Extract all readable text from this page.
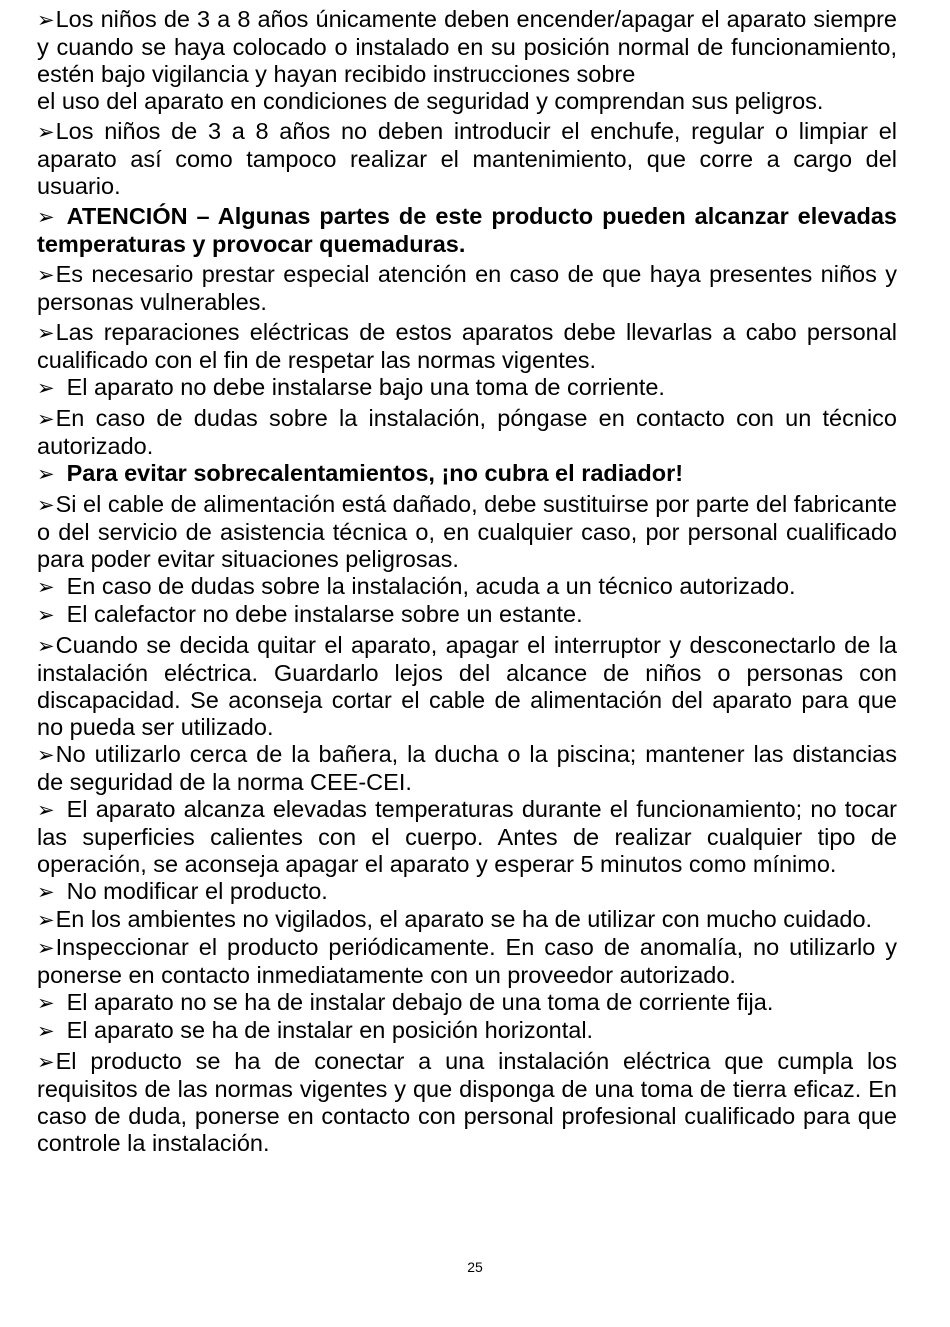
➢Los niños de 3 a 8 años únicamente deben encender/apagar el aparato siempre y cuando se haya colocado o instalado en su posición normal de funcionamiento, estén bajo vigilancia y hayan recibido instrucciones sobre

el uso del aparato en condiciones de seguridad y comprendan sus peligros.

➢Los niños de 3 a 8 años no deben introducir el enchufe, regular o limpiar el aparato así como tampoco realizar el mantenimiento, que corre a cargo del usuario.

➢ ATENCIÓN – Algunas partes de este producto pueden alcanzar elevadas temperaturas y provocar quemaduras.

➢Es necesario prestar especial atención en caso de que haya presentes niños y personas vulnerables.

➢Las reparaciones eléctricas de estos aparatos debe llevarlas a cabo personal cualificado con el fin de respetar las normas vigentes.

➢ El aparato no debe instalarse bajo una toma de corriente.

➢En caso de dudas sobre la instalación, póngase en contacto con un técnico autorizado.

➢ Para evitar sobrecalentamientos, ¡no cubra el radiador!

➢Si el cable de alimentación está dañado, debe sustituirse por parte del fabricante o del servicio de asistencia técnica o, en cualquier caso, por personal cualificado para poder evitar situaciones peligrosas.

➢ En caso de dudas sobre la instalación, acuda a un técnico autorizado.

➢ El calefactor no debe instalarse sobre un estante.

➢Cuando se decida quitar el aparato, apagar el interruptor y desconectarlo de la instalación eléctrica. Guardarlo lejos del alcance de niños o personas con discapacidad. Se aconseja cortar el cable de alimentación del aparato para que no pueda ser utilizado.

➢No utilizarlo cerca de la bañera, la ducha o la piscina; mantener las distancias de seguridad de la norma CEE-CEI.

➢ El aparato alcanza elevadas temperaturas durante el funcionamiento; no tocar las superficies calientes con el cuerpo. Antes de realizar cualquier tipo de operación, se aconseja apagar el aparato y esperar 5 minutos como mínimo.

➢ No modificar el producto.

➢En los ambientes no vigilados, el aparato se ha de utilizar con mucho cuidado.

➢Inspeccionar el producto periódicamente. En caso de anomalía, no utilizarlo y ponerse en contacto inmediatamente con un proveedor autorizado.

➢ El aparato no se ha de instalar debajo de una toma de corriente fija.

➢ El aparato se ha de instalar en posición horizontal.

➢El producto se ha de conectar a una instalación eléctrica que cumpla los requisitos de las normas vigentes y que disponga de una toma de tierra eficaz. En caso de duda, ponerse en contacto con personal profesional cualificado para que controle la instalación.

25
